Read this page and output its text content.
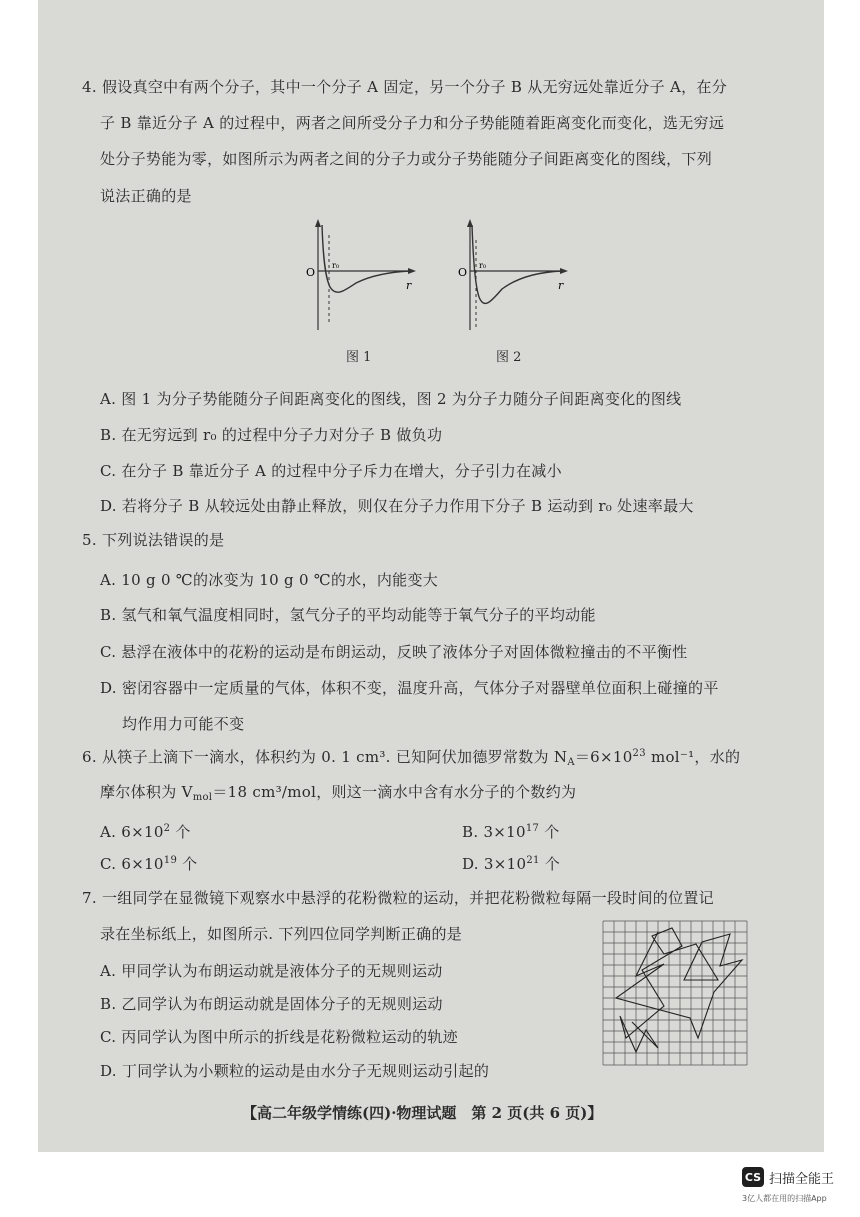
4. 假设真空中有两个分子，其中一个分子 A 固定，另一个分子 B 从无穷远处靠近分子 A，在分
子 B 靠近分子 A 的过程中，两者之间所受分子力和分子势能随着距离变化而变化，选无穷远
处分子势能为零，如图所示为两者之间的分子力或分子势能随分子间距离变化的图线，下列
说法正确的是
O
r₀
r
图 1
O
r₀
r
图 2
A. 图 1 为分子势能随分子间距离变化的图线，图 2 为分子力随分子间距离变化的图线
B. 在无穷远到 r₀ 的过程中分子力对分子 B 做负功
C. 在分子 B 靠近分子 A 的过程中分子斥力在增大，分子引力在减小
D. 若将分子 B 从较远处由静止释放，则仅在分子力作用下分子 B 运动到 r₀ 处速率最大
5. 下列说法错误的是
A. 10 g 0 ℃的冰变为 10 g 0 ℃的水，内能变大
B. 氢气和氧气温度相同时，氢气分子的平均动能等于氧气分子的平均动能
C. 悬浮在液体中的花粉的运动是布朗运动，反映了液体分子对固体微粒撞击的不平衡性
D. 密闭容器中一定质量的气体，体积不变，温度升高，气体分子对器壁单位面积上碰撞的平
均作用力可能不变
6. 从筷子上滴下一滴水，体积约为 0. 1 cm³. 已知阿伏加德罗常数为 $N_A=6\times 10^{23}$ mol⁻¹，水的
摩尔体积为 $V_{mol}=18$ cm³/mol，则这一滴水中含有水分子的个数约为
A. $6\times 10^2$ 个	B. $3\times 10^{17}$ 个
C. $6\times 10^{19}$ 个	D. $3\times 10^{21}$ 个
7. 一组同学在显微镜下观察水中悬浮的花粉微粒的运动，并把花粉微粒每隔一段时间的位置记
录在坐标纸上，如图所示. 下列四位同学判断正确的是
A. 甲同学认为布朗运动就是液体分子的无规则运动
B. 乙同学认为布朗运动就是固体分子的无规则运动
C. 丙同学认为图中所示的折线是花粉微粒运动的轨迹
D. 丁同学认为小颗粒的运动是由水分子无规则运动引起的
【高二年级学情练(四)·物理试题　第 2 页(共 6 页)】
CS 扫描全能王
3亿人都在用的扫描App
